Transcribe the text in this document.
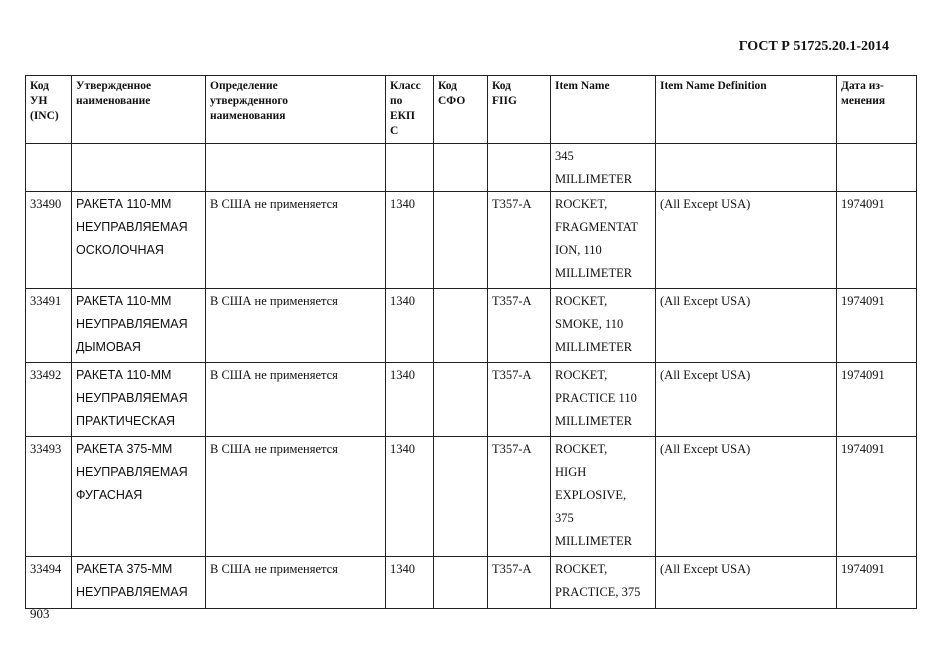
ГОСТ Р 51725.20.1-2014
Код
УН
(INC)	Утвержденное
наименование	Определение
утвержденного
наименования	Класс
по
ЕКП
С	Код
СФО	Код
FIIG	Item Name	Item Name Definition	Дата из-
менения
						345
MILLIMETER		
33490	РАКЕТА 110-ММ
НЕУПРАВЛЯЕМАЯ
ОСКОЛОЧНАЯ	В США не применяется	1340		T357-A	ROCKET,
FRAGMENTAT
ION, 110
MILLIMETER	(All Except USA)	1974091
33491	РАКЕТА 110-ММ
НЕУПРАВЛЯЕМАЯ
ДЫМОВАЯ	В США не применяется	1340		T357-A	ROCKET,
SMOKE, 110
MILLIMETER	(All Except USA)	1974091
33492	РАКЕТА 110-ММ
НЕУПРАВЛЯЕМАЯ
ПРАКТИЧЕСКАЯ	В США не применяется	1340		T357-A	ROCKET,
PRACTICE 110
MILLIMETER	(All Except USA)	1974091
33493	РАКЕТА 375-ММ
НЕУПРАВЛЯЕМАЯ
ФУГАСНАЯ	В США не применяется	1340		T357-A	ROCKET,
HIGH
EXPLOSIVE,
375
MILLIMETER	(All Except USA)	1974091
33494	РАКЕТА 375-ММ
НЕУПРАВЛЯЕМАЯ	В США не применяется	1340		T357-A	ROCKET,
PRACTICE, 375	(All Except USA)	1974091
903
